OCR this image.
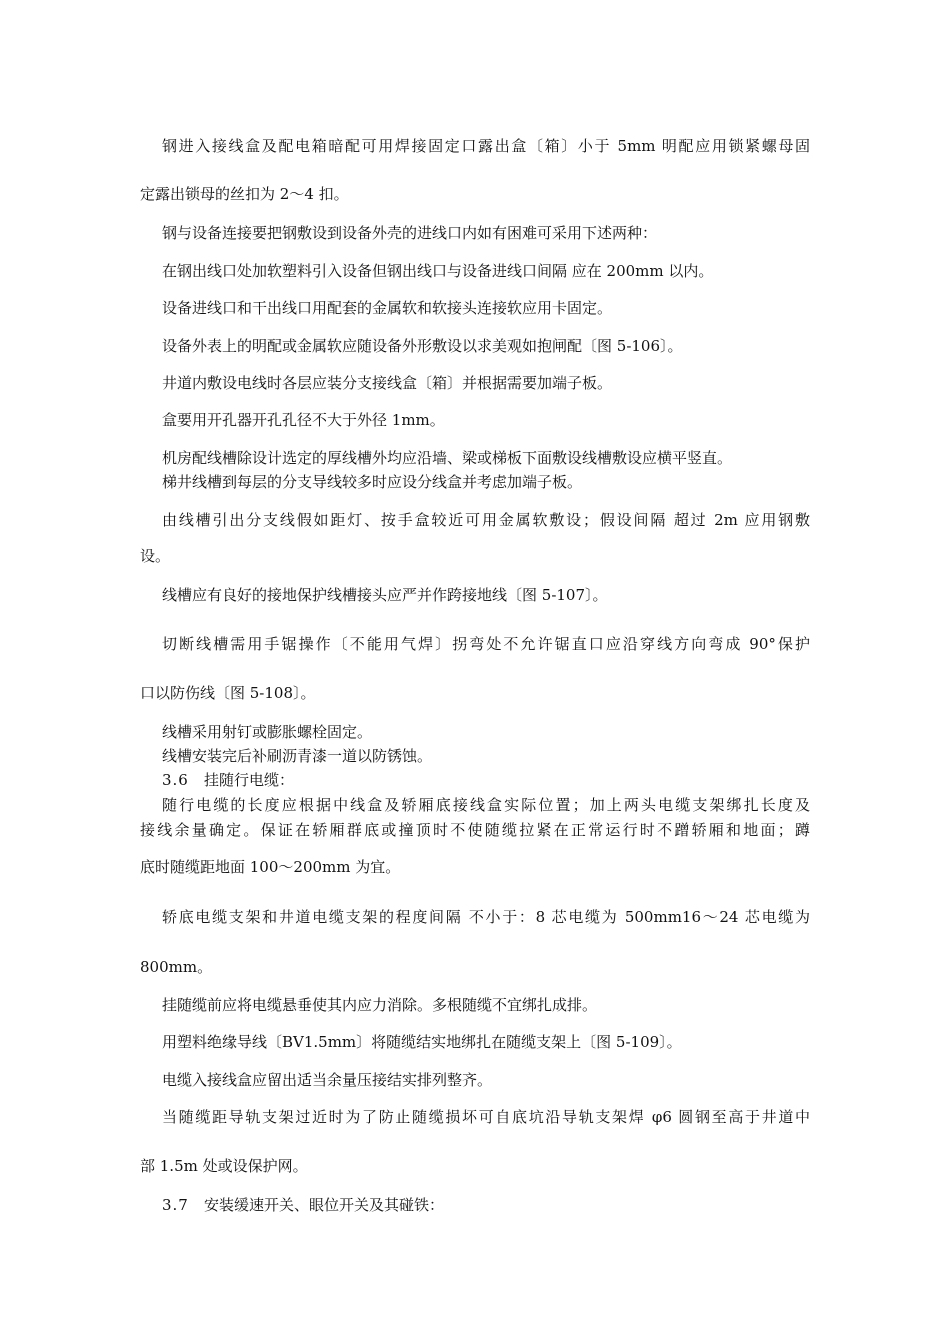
钢进入接线盒及配电箱暗配可用焊接固定口露出盒〔箱〕小于 5mm 明配应用锁紧螺母固
定露出锁母的丝扣为 2～4 扣。
钢与设备连接要把钢敷设到设备外壳的进线口内如有困难可采用下述两种：
在钢出线口处加软塑料引入设备但钢出线口与设备进线口间隔 应在 200mm 以内。
设备进线口和干出线口用配套的金属软和软接头连接软应用卡固定。
设备外表上的明配或金属软应随设备外形敷设以求美观如抱闸配〔图 5-106〕。
井道内敷设电线时各层应装分支接线盒〔箱〕并根据需要加端子板。
盒要用开孔器开孔孔径不大于外径 1mm。
机房配线槽除设计选定的厚线槽外均应沿墙、梁或梯板下面敷设线槽敷设应横平竖直。
梯井线槽到每层的分支导线较多时应设分线盒并考虑加端子板。
由线槽引出分支线假如距灯、按手盒较近可用金属软敷设；假设间隔 超过 2m 应用钢敷
设。
线槽应有良好的接地保护线槽接头应严并作跨接地线〔图 5-107〕。
切断线槽需用手锯操作〔不能用气焊〕拐弯处不允许锯直口应沿穿线方向弯成 90°保护
口以防伤线〔图 5-108〕。
线槽采用射钉或膨胀螺栓固定。
线槽安装完后补刷沥青漆一道以防锈蚀。
3.6 挂随行电缆：
随行电缆的长度应根据中线盒及轿厢底接线盒实际位置；加上两头电缆支架绑扎长度及
接线余量确定。保证在轿厢群底或撞顶时不使随缆拉紧在正常运行时不蹭轿厢和地面；蹲
底时随缆距地面 100～200mm 为宜。
轿底电缆支架和井道电缆支架的程度间隔 不小于：8 芯电缆为 500mm16～24 芯电缆为
800mm。
挂随缆前应将电缆悬垂使其内应力消除。多根随缆不宜绑扎成排。
用塑料绝缘导线〔BV1.5mm〕将随缆结实地绑扎在随缆支架上〔图 5-109〕。
电缆入接线盒应留出适当余量压接结实排列整齐。
当随缆距导轨支架过近时为了防止随缆损坏可自底坑沿导轨支架焊 φ6 圆钢至高于井道中
部 1.5m 处或设保护网。
3.7 安装缓速开关、眼位开关及其碰铁：
